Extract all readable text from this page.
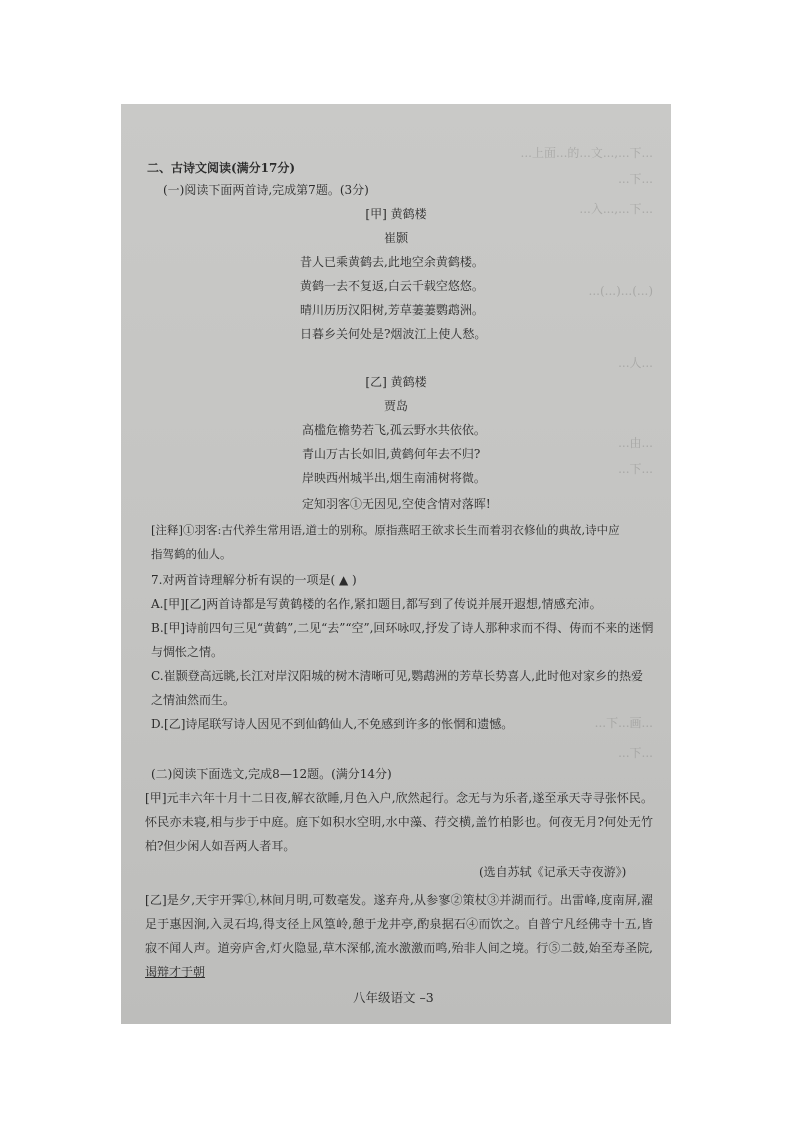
...上面...的...文...,...下...
...下...
...入...,...下...
...(...)...(...)
...人...
...由...
...下...
...下...画...
...下...
二、古诗文阅读(满分17分)
(一)阅读下面两首诗,完成第7题。(3分)
[甲] 黄鹤楼
崔颢
昔人已乘黄鹤去,此地空余黄鹤楼。
黄鹤一去不复返,白云千载空悠悠。
晴川历历汉阳树,芳草萋萋鹦鹉洲。
日暮乡关何处是?烟波江上使人愁。
[乙] 黄鹤楼
贾岛
高槛危檐势若飞,孤云野水共依依。
青山万古长如旧,黄鹤何年去不归?
岸映西州城半出,烟生南浦树将微。
定知羽客①无因见,空使含情对落晖!
[注释]①羽客:古代养生常用语,道士的别称。原指燕昭王欲求长生而着羽衣修仙的典故,诗中应
指驾鹤的仙人。
7.对两首诗理解分析有误的一项是( ▲ )
A.[甲][乙]两首诗都是写黄鹤楼的名作,紧扣题目,都写到了传说并展开遐想,情感充沛。
B.[甲]诗前四句三见“黄鹤”,二见“去”“空”,回环咏叹,抒发了诗人那种求而不得、俦而不来的迷惘
与惆怅之情。
C.崔颢登高远眺,长江对岸汉阳城的树木清晰可见,鹦鹉洲的芳草长势喜人,此时他对家乡的热爱
之情油然而生。
D.[乙]诗尾联写诗人因见不到仙鹤仙人,不免感到许多的怅惘和遗憾。
(二)阅读下面选文,完成8—12题。(满分14分)
[甲]元丰六年十月十二日夜,解衣欲睡,月色入户,欣然起行。念无与为乐者,遂至承天寺寻张怀民。怀民亦未寝,相与步于中庭。庭下如积水空明,水中藻、荇交横,盖竹柏影也。何夜无月?何处无竹柏?但少闲人如吾两人者耳。
(选自苏轼《记承天寺夜游》)
[乙]是夕,天宇开霁①,林间月明,可数毫发。遂弃舟,从参寥②策杖③并湖而行。出雷峰,度南屏,濯足于惠因涧,入灵石坞,得支径上风篁岭,憩于龙井亭,酌泉据石④而饮之。自普宁凡经佛寺十五,皆寂不闻人声。道旁庐舍,灯火隐显,草木深郁,流水激激而鸣,殆非人间之境。行⑤二鼓,始至寿圣院,谒辩才于朝
八年级语文 –3
